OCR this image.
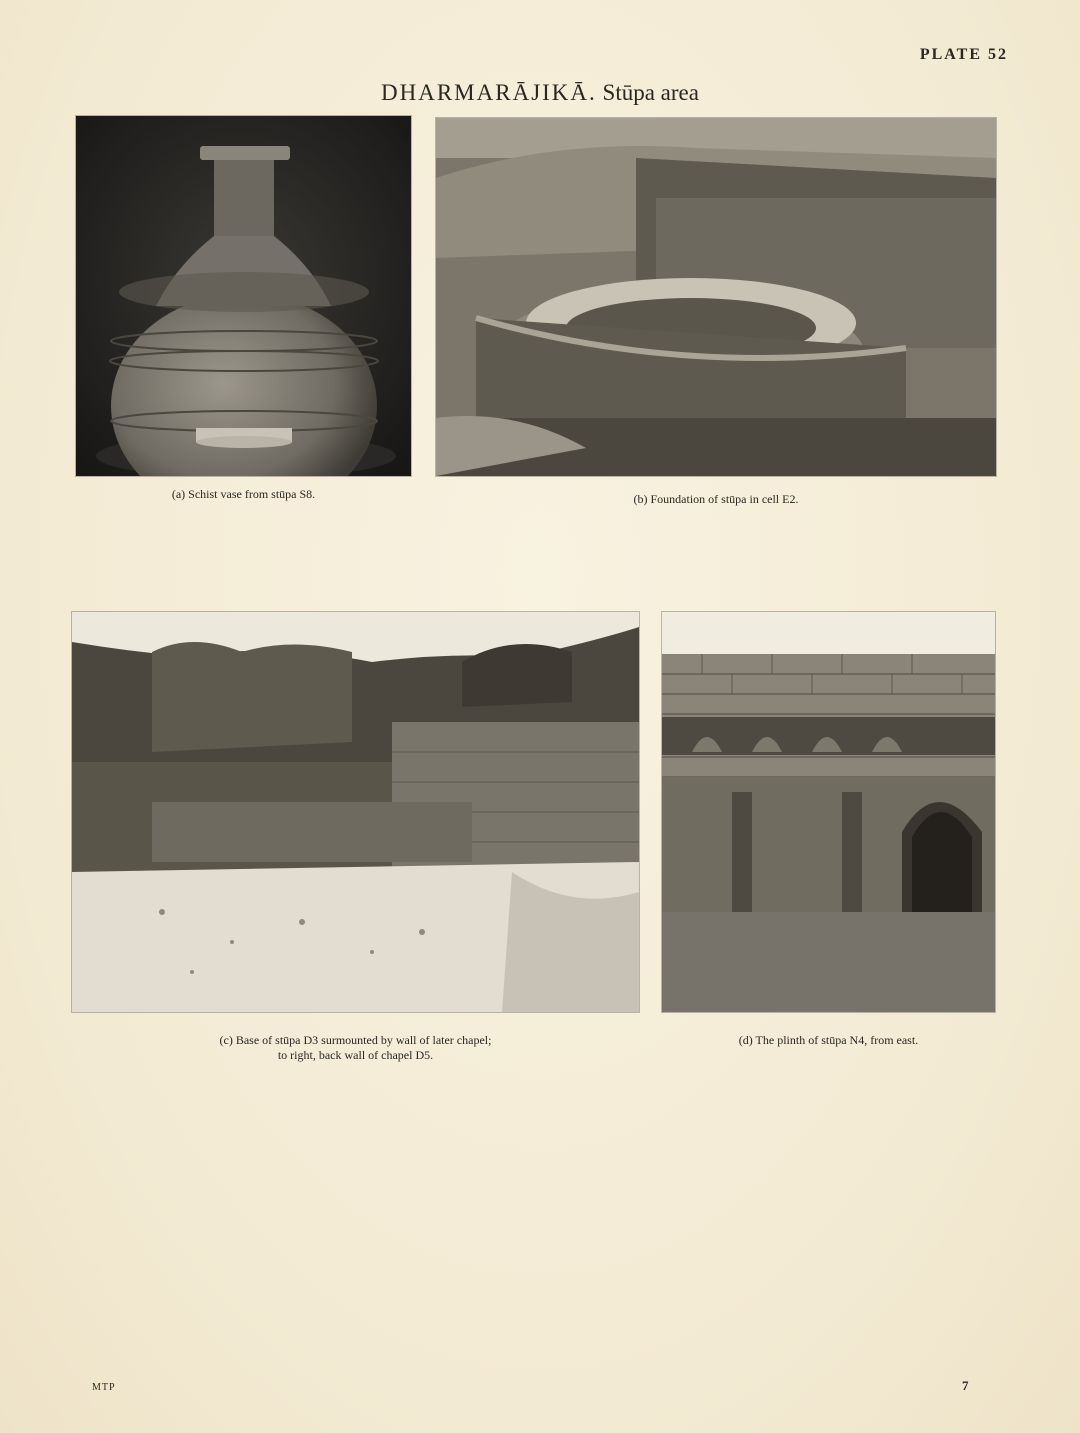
PLATE 52
DHARMARĀJIKĀ. Stūpa area
(a) Schist vase from stūpa S8.	(b) Foundation of stūpa in cell E2.
(c) Base of stūpa D3 surmounted by wall of later chapel;
to right, back wall of chapel D5.
(d) The plinth of stūpa N4, from east.
MTP	7
